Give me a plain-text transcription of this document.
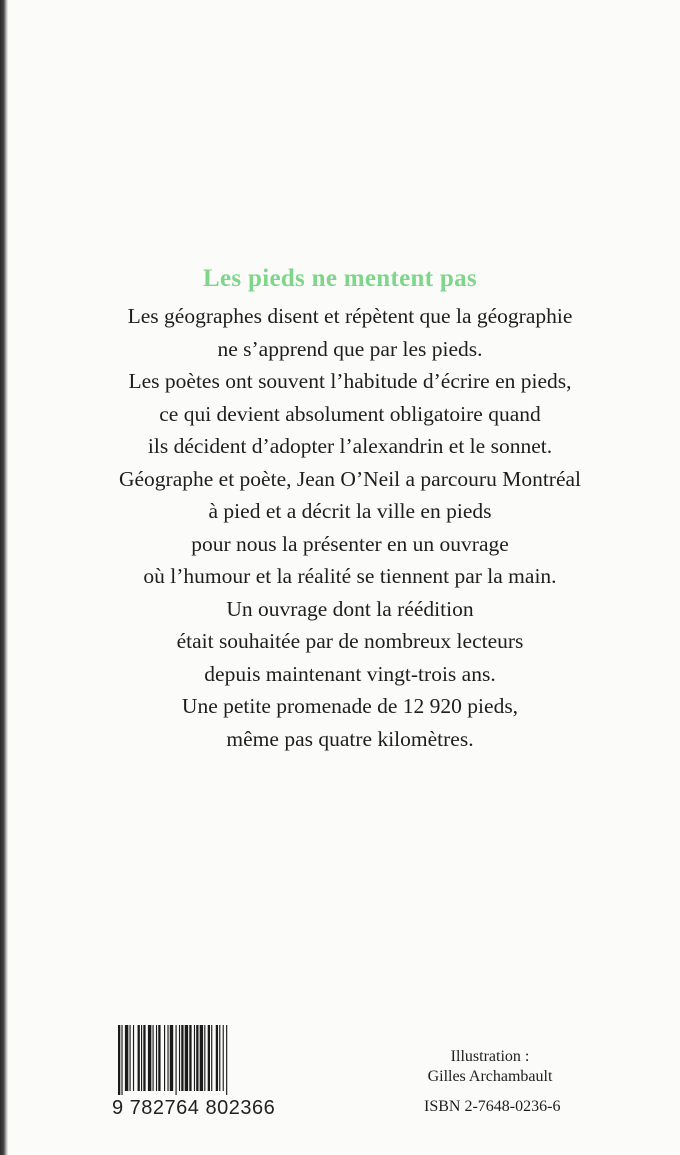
Les pieds ne mentent pas
Les géographes disent et répètent que la géographie
ne s’apprend que par les pieds.
Les poètes ont souvent l’habitude d’écrire en pieds,
ce qui devient absolument obligatoire quand
ils décident d’adopter l’alexandrin et le sonnet.
Géographe et poète, Jean O’Neil a parcouru Montréal
à pied et a décrit la ville en pieds
pour nous la présenter en un ouvrage
où l’humour et la réalité se tiennent par la main.
Un ouvrage dont la réédition
était souhaitée par de nombreux lecteurs
depuis maintenant vingt-trois ans.
Une petite promenade de 12 920 pieds,
même pas quatre kilomètres.

9 782764 802366

Illustration :
Gilles Archambault

ISBN 2-7648-0236-6
